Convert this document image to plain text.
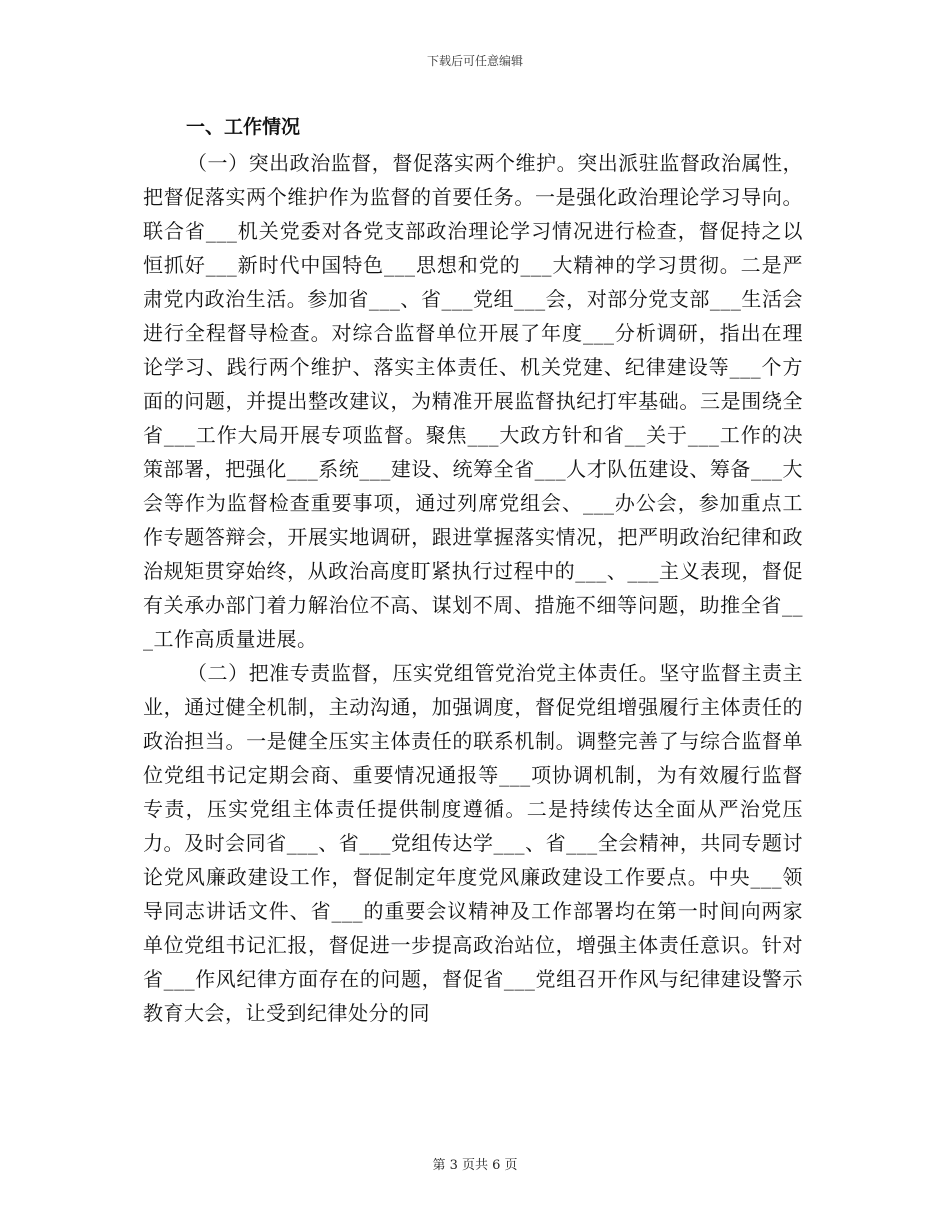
下载后可任意编辑
一、工作情况

（一）突出政治监督，督促落实两个维护。突出派驻监督政治属性，把督促落实两个维护作为监督的首要任务。一是强化政治理论学习导向。联合省___机关党委对各党支部政治理论学习情况进行检查，督促持之以恒抓好___新时代中国特色___思想和党的___大精神的学习贯彻。二是严肃党内政治生活。参加省___、省___党组___会，对部分党支部___生活会进行全程督导检查。对综合监督单位开展了年度___分析调研，指出在理论学习、践行两个维护、落实主体责任、机关党建、纪律建设等___个方面的问题，并提出整改建议，为精准开展监督执纪打牢基础。三是围绕全省___工作大局开展专项监督。聚焦___大政方针和省__关于___工作的决策部署，把强化___系统___建设、统筹全省___人才队伍建设、筹备___大会等作为监督检查重要事项，通过列席党组会、___办公会，参加重点工作专题答辩会，开展实地调研，跟进掌握落实情况，把严明政治纪律和政治规矩贯穿始终，从政治高度盯紧执行过程中的___、___主义表现，督促有关承办部门着力解治位不高、谋划不周、措施不细等问题，助推全省___工作高质量进展。

（二）把准专责监督，压实党组管党治党主体责任。坚守监督主责主业，通过健全机制，主动沟通，加强调度，督促党组增强履行主体责任的政治担当。一是健全压实主体责任的联系机制。调整完善了与综合监督单位党组书记定期会商、重要情况通报等___项协调机制，为有效履行监督专责，压实党组主体责任提供制度遵循。二是持续传达全面从严治党压力。及时会同省___、省___党组传达学___、省___全会精神，共同专题讨论党风廉政建设工作，督促制定年度党风廉政建设工作要点。中央___领导同志讲话文件、省___的重要会议精神及工作部署均在第一时间向两家单位党组书记汇报，督促进一步提高政治站位，增强主体责任意识。针对省___作风纪律方面存在的问题，督促省___党组召开作风与纪律建设警示教育大会，让受到纪律处分的同

第 3 页共 6 页
